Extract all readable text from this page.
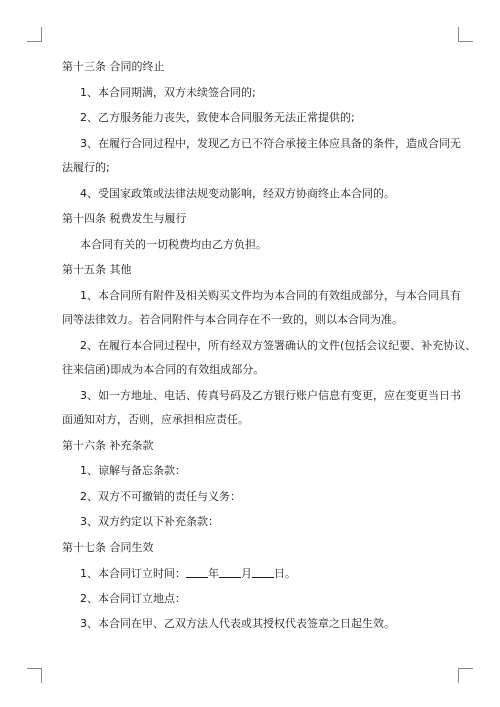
第十三条 合同的终止
1、本合同期满，双方未续签合同的;
2、乙方服务能力丧失，致使本合同服务无法正常提供的;
3、在履行合同过程中，发现乙方已不符合承接主体应具备的条件，造成合同无
法履行的;
4、受国家政策或法律法规变动影响，经双方协商终止本合同的。
第十四条 税费发生与履行
本合同有关的一切税费均由乙方负担。
第十五条 其他
1、本合同所有附件及相关购买文件均为本合同的有效组成部分，与本合同具有
同等法律效力。若合同附件与本合同存在不一致的，则以本合同为准。
2、在履行本合同过程中，所有经双方签署确认的文件(包括会议纪要、补充协议、
往来信函)即成为本合同的有效组成部分。
3、如一方地址、电话、传真号码及乙方银行账户信息有变更，应在变更当日书
面通知对方，否则，应承担相应责任。
第十六条 补充条款
1、谅解与备忘条款：
2、双方不可撤销的责任与义务：
3、双方约定以下补充条款：
第十七条 合同生效
1、本合同订立时间： 年 月 日。
2、本合同订立地点：
3、本合同在甲、乙双方法人代表或其授权代表签章之日起生效。
